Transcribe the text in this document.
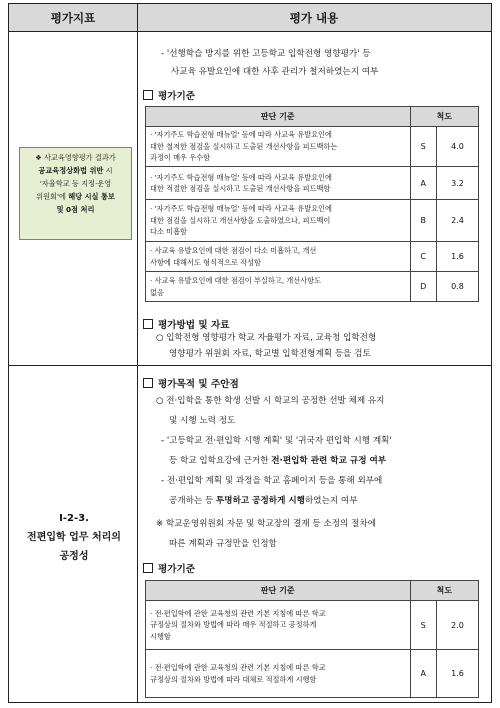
평가지표	평가 내용
❖ 사교육영향평가 결과가
공교육정상화법 위반 시
'자율학교 등 지정·운영
위원회'에 해당 시실 통보
및 0점 처리
- '선행학습 방지를 위한 고등학교 입학전형 영향평가' 등
사교육 유발요인에 대한 사후 관리가 철저하였는지 여부
평가기준
판단 기준	척도	

· '자기주도 학습전형 매뉴얼' 등에 따라 사교육 유발요인에
대한 철저한 점검을 실시하고 도출된 개선사항을 피드백하는
과정이 매우 우수함	S	4.0

· '자기주도 학습전형 매뉴얼' 등에 따라 사교육 유발요인에
대한 적절한 점검을 실시하고 도출된 개선사항을 피드백함	A	3.2

· '자기주도 학습전형 매뉴얼' 등에 따라 사교육 유발요인에
대한 점검을 실시하고 개선사항을 도출하였으나, 피드백이
다소 미흡함	B	2.4

· 사교육 유발요인에 대한 점검이 다소 미흡하고, 개선
사항에 대해서도 형식적으로 작성함	C	1.6

· 사교육 유발요인에 대한 점검이 부실하고, 개선사항도
없음	D	0.8
평가방법 및 자료
○ 입학전형 영향평가 학교 자율평가 자료, 교육청 입학전형
영향평가 위원회 자료, 학교별 입학전형계획 등을 검토
Ⅰ-2-3.
전편입학 업무 처리의
공정성
평가목적 및 주안점
○ 전·입학을 통한 학생 선발 시 학교의 공정한 선발 체제 유지
및 시행 노력 정도
- '고등학교 전·편입학 시행 계획' 및 '귀국자 편입학 시행 계획'
등 학교 입학요강에 근거한 전·편입학 관련 학교 규정 여부
- 전·편입학 계획 및 과정을 학교 홈페이지 등을 통해 외부에
공개하는 등 투명하고 공정하게 시행하였는지 여부
※ 학교운영위원회 자문 및 학교장의 결재 등 소정의 절차에
따른 계획과 규정만을 인정함
평가기준
판단 기준	척도	

· 전·편입학에 관한 교육청의 관련 기본 지침에 따른 학교
규정상의 절차와 방법에 따라 매우 적절하고 공정하게
시행함	S	2.0

· 전·편입학에 관한 교육청의 관련 기본 지침에 따른 학교
규정상의 절차와 방법에 따라 대체로 적절하게 시행함	A	1.6
